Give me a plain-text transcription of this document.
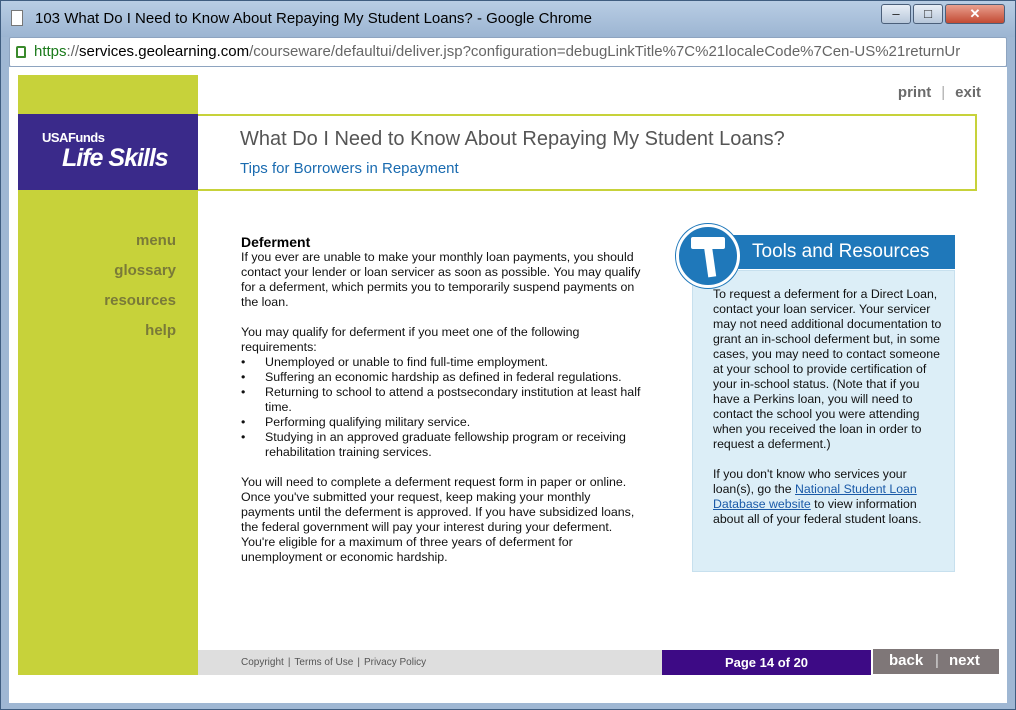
103 What Do I Need to Know About Repaying My Student Loans? - Google Chrome	–	□	✕
https://services.geolearning.com/courseware/defaultui/deliver.jsp?configuration=debugLinkTitle%7C%21localeCode%7Cen-US%21returnUr
USAFunds
Life Skills
print | exit
What Do I Need to Know About Repaying My Student Loans?
Tips for Borrowers in Repayment
menu
glossary
resources
help
Deferment

If you ever are unable to make your monthly loan payments, you should contact your lender or loan servicer as soon as possible. You may qualify for a deferment, which permits you to temporarily suspend payments on the loan.

You may qualify for deferment if you meet one of the following requirements:

• Unemployed or unable to find full-time employment.
• Suffering an economic hardship as defined in federal regulations.
• Returning to school to attend a postsecondary institution at least half time.
• Performing qualifying military service.
• Studying in an approved graduate fellowship program or receiving rehabilitation training services.

You will need to complete a deferment request form in paper or online. Once you've submitted your request, keep making your monthly payments until the deferment is approved. If you have subsidized loans, the federal government will pay your interest during your deferment. You're eligible for a maximum of three years of deferment for unemployment or economic hardship.

To request a deferment for a Direct Loan, contact your loan servicer. Your servicer may not need additional documentation to grant an in-school deferment but, in some cases, you may need to contact someone at your school to provide certification of your in-school status. (Note that if you have a Perkins loan, you will need to contact the school you were attending when you received the loan in order to request a deferment.)

If you don't know who services your loan(s), go the National Student Loan Database website to view information about all of your federal student loans.

Tools and Resources
Copyright | Terms of Use | Privacy Policy	Page 14 of 20	back | next
